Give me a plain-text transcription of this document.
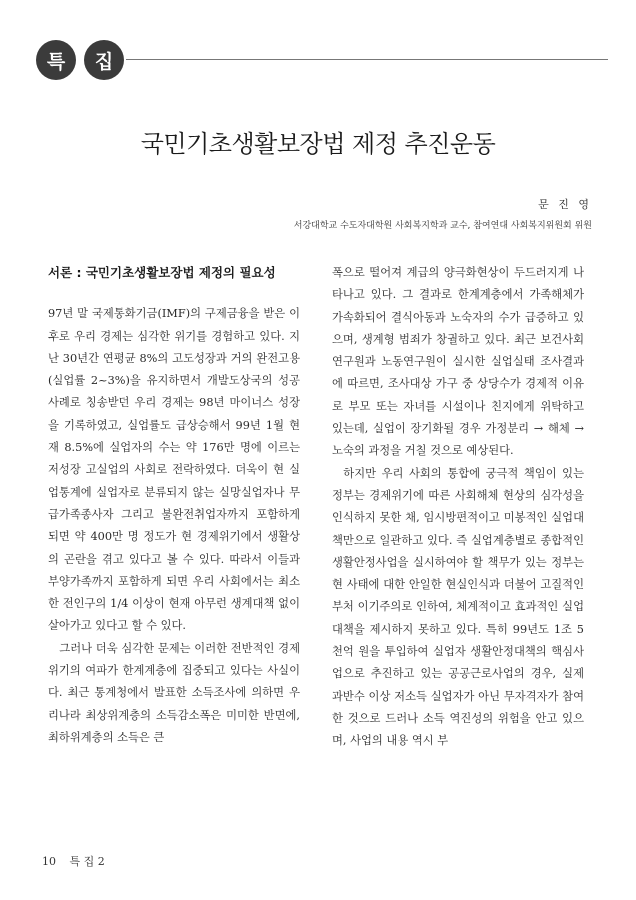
특	집
국민기초생활보장법 제정 추진운동
문 진 영
서강대학교 수도자대학원 사회복지학과 교수, 참여연대 사회복지위원회 위원
서론 : 국민기초생활보장법 제정의 필요성

97년 말 국제통화기금(IMF)의 구제금융을 받은 이후로 우리 경제는 심각한 위기를 경험하고 있다. 지난 30년간 연평균 8%의 고도성장과 거의 완전고용(실업률 2~3%)을 유지하면서 개발도상국의 성공사례로 칭송받던 우리 경제는 98년 마이너스 성장을 기록하였고, 실업률도 급상승해서 99년 1월 현재 8.5%에 실업자의 수는 약 176만 명에 이르는 저성장 고실업의 사회로 전락하였다. 더욱이 현 실업통계에 실업자로 분류되지 않는 실망실업자나 무급가족종사자 그리고 불완전취업자까지 포함하게 되면 약 400만 명 정도가 현 경제위기에서 생활상의 곤란을 겪고 있다고 볼 수 있다. 따라서 이들과 부양가족까지 포함하게 되면 우리 사회에서는 최소한 전인구의 1/4 이상이 현재 아무런 생계대책 없이 살아가고 있다고 할 수 있다.

그러나 더욱 심각한 문제는 이러한 전반적인 경제위기의 여파가 한계계층에 집중되고 있다는 사실이다. 최근 통계청에서 발표한 소득조사에 의하면 우리나라 최상위계층의 소득감소폭은 미미한 반면에, 최하위계층의 소득은 큰

폭으로 떨어져 계급의 양극화현상이 두드러지게 나타나고 있다. 그 결과로 한계계층에서 가족해체가 가속화되어 결식아동과 노숙자의 수가 급증하고 있으며, 생계형 범죄가 창궐하고 있다. 최근 보건사회연구원과 노동연구원이 실시한 실업실태 조사결과에 따르면, 조사대상 가구 중 상당수가 경제적 이유로 부모 또는 자녀를 시설이나 친지에게 위탁하고 있는데, 실업이 장기화될 경우 가정분리 → 해체 → 노숙의 과정을 거칠 것으로 예상된다.

하지만 우리 사회의 통합에 궁극적 책임이 있는 정부는 경제위기에 따른 사회해체 현상의 심각성을 인식하지 못한 채, 임시방편적이고 미봉적인 실업대책만으로 일관하고 있다. 즉 실업계층별로 종합적인 생활안정사업을 실시하여야 할 책무가 있는 정부는 현 사태에 대한 안일한 현실인식과 더불어 고질적인 부처 이기주의로 인하여, 체계적이고 효과적인 실업대책을 제시하지 못하고 있다. 특히 99년도 1조 5천억 원을 투입하여 실업자 생활안정대책의 핵심사업으로 추진하고 있는 공공근로사업의 경우, 실제 과반수 이상 저소득 실업자가 아닌 무자격자가 참여한 것으로 드러나 소득 역진성의 위험을 안고 있으며, 사업의 내용 역시 부

10 특 집 2
